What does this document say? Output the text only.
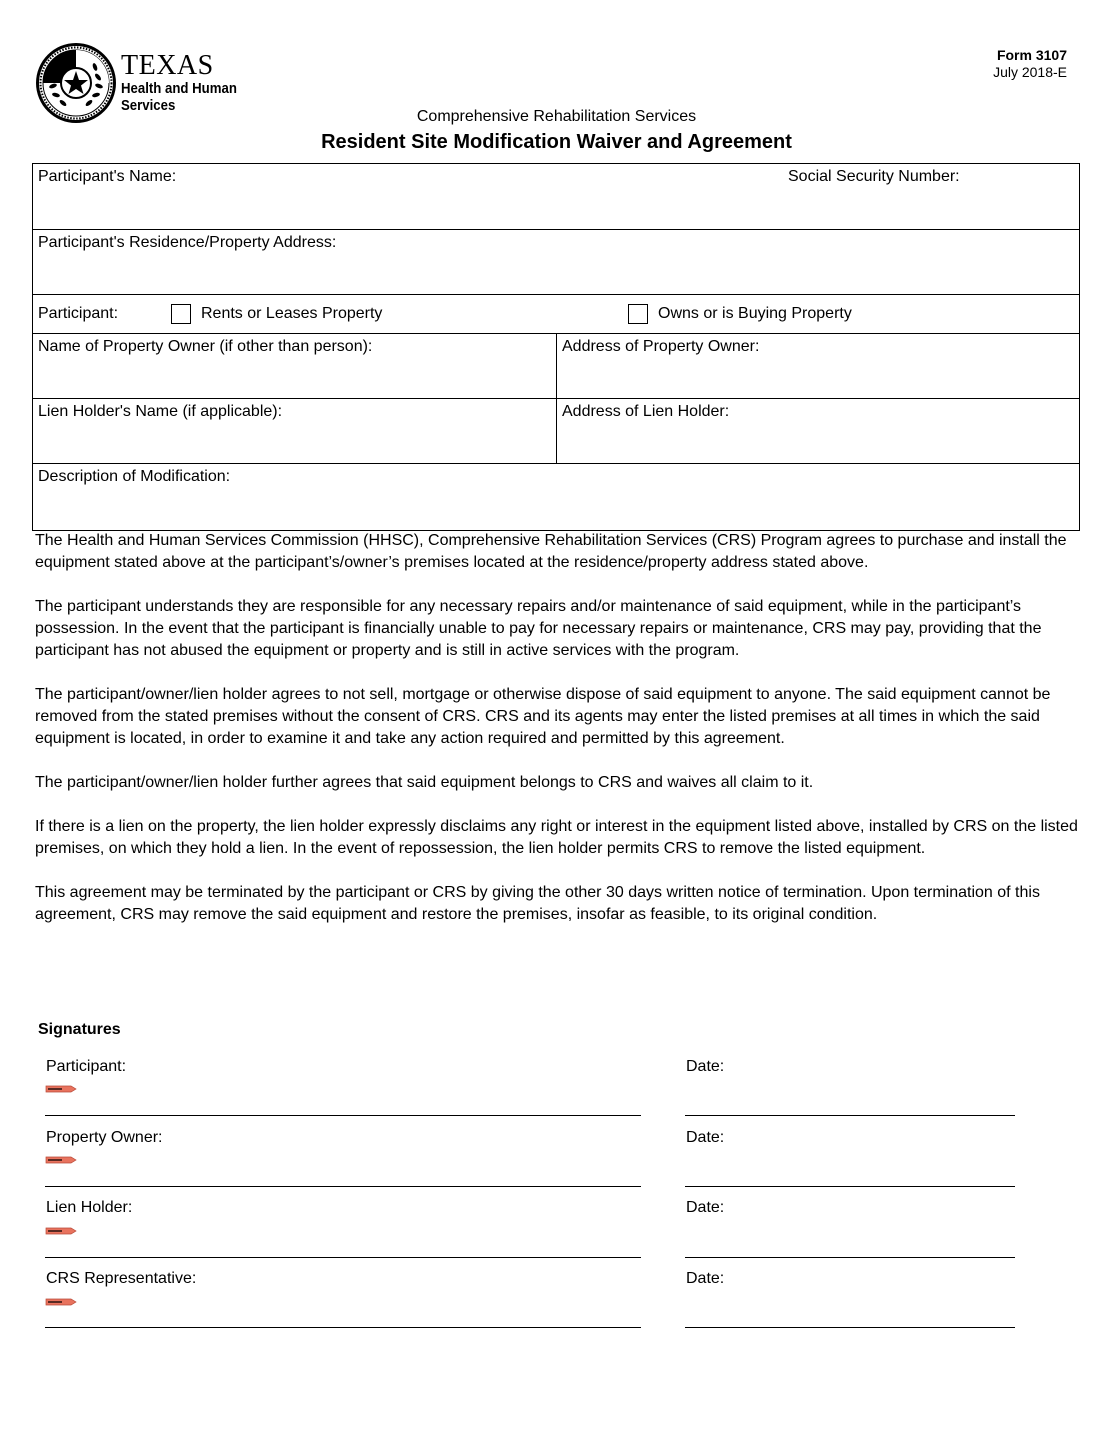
TEXAS
Health and Human
Services
Form 3107
July 2018-E
Comprehensive Rehabilitation Services
Resident Site Modification Waiver and Agreement
Participant's Name:	Social Security Number:
Participant's Residence/Property Address:
Participant:	Rents or Leases Property	Owns or is Buying Property
Name of Property Owner (if other than person):	Address of Property Owner:
Lien Holder's Name (if applicable):	Address of Lien Holder:
Description of Modification:

The Health and Human Services Commission (HHSC), Comprehensive Rehabilitation Services (CRS) Program agrees to purchase and install the equipment stated above at the participant’s/owner’s premises located at the residence/property address stated above.

The participant understands they are responsible for any necessary repairs and/or maintenance of said equipment, while in the participant’s possession. In the event that the participant is financially unable to pay for necessary repairs or maintenance, CRS may pay, providing that the participant has not abused the equipment or property and is still in active services with the program.

The participant/owner/lien holder agrees to not sell, mortgage or otherwise dispose of said equipment to anyone. The said equipment cannot be removed from the stated premises without the consent of CRS. CRS and its agents may enter the listed premises at all times in which the said equipment is located, in order to examine it and take any action required and permitted by this agreement.

The participant/owner/lien holder further agrees that said equipment belongs to CRS and waives all claim to it.

If there is a lien on the property, the lien holder expressly disclaims any right or interest in the equipment listed above, installed by CRS on the listed premises, on which they hold a lien. In the event of repossession, the lien holder permits CRS to remove the listed equipment.

This agreement may be terminated by the participant or CRS by giving the other 30 days written notice of termination. Upon termination of this agreement, CRS may remove the said equipment and restore the premises, insofar as feasible, to its original condition.

Signatures
Participant:	Date:
Property Owner:	Date:
Lien Holder:	Date:
CRS Representative:	Date:
